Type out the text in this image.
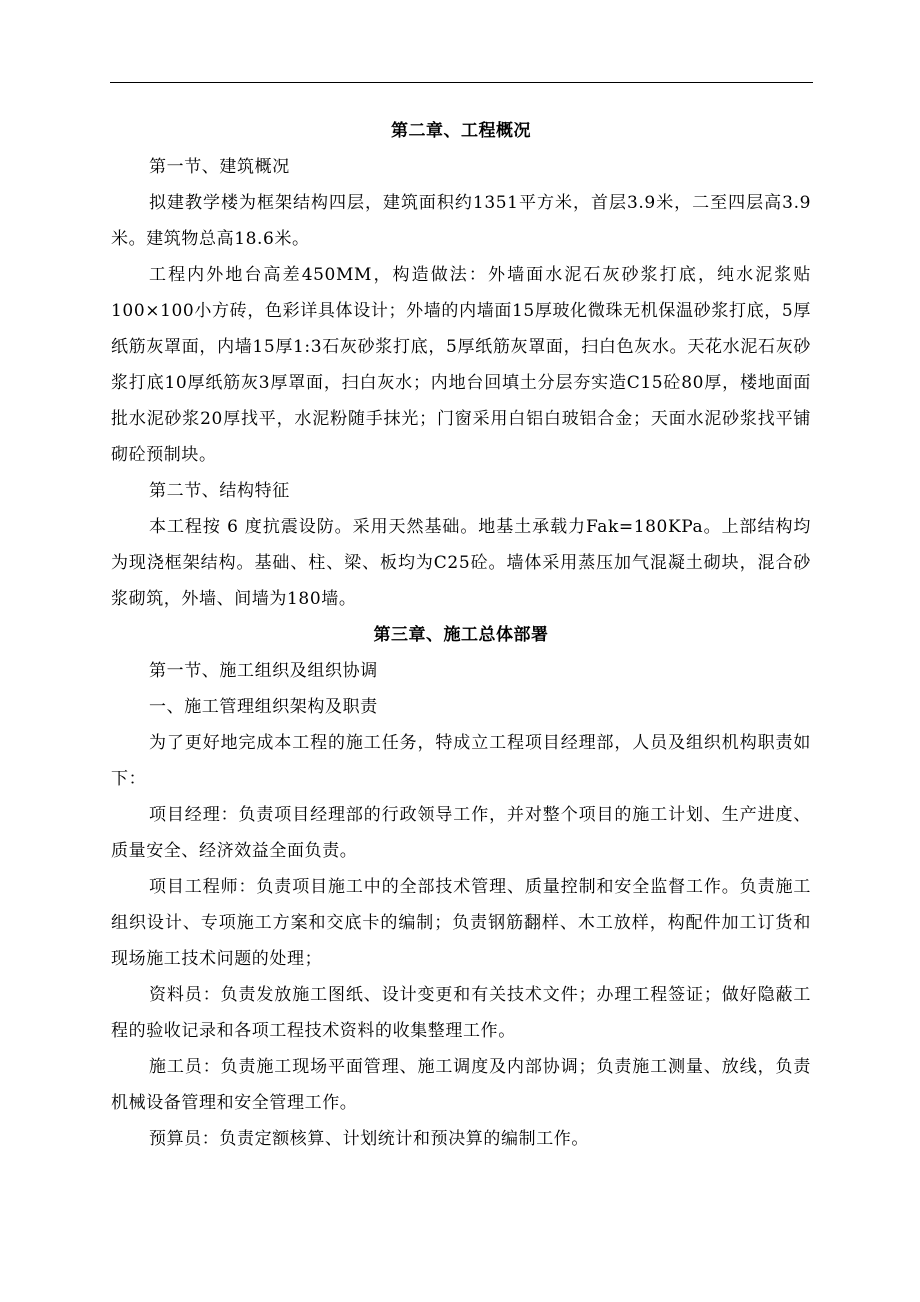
第二章、工程概况

第一节、建筑概况

拟建教学楼为框架结构四层，建筑面积约1351平方米，首层3.9米，二至四层高3.9米。建筑物总高18.6米。

工程内外地台高差450MM，构造做法：外墙面水泥石灰砂浆打底，纯水泥浆贴100×100小方砖，色彩详具体设计；外墙的内墙面15厚玻化微珠无机保温砂浆打底，5厚纸筋灰罩面，内墙15厚1:3石灰砂浆打底，5厚纸筋灰罩面，扫白色灰水。天花水泥石灰砂浆打底10厚纸筋灰3厚罩面，扫白灰水；内地台回填土分层夯实造C15砼80厚，楼地面面批水泥砂浆20厚找平，水泥粉随手抹光；门窗采用白铝白玻铝合金；天面水泥砂浆找平铺砌砼预制块。

第二节、结构特征

本工程按 6 度抗震设防。采用天然基础。地基土承载力Fak=180KPa。上部结构均为现浇框架结构。基础、柱、梁、板均为C25砼。墙体采用蒸压加气混凝土砌块，混合砂浆砌筑，外墙、间墙为180墙。

第三章、施工总体部署

第一节、施工组织及组织协调

一、施工管理组织架构及职责

为了更好地完成本工程的施工任务，特成立工程项目经理部，人员及组织机构职责如下：

项目经理：负责项目经理部的行政领导工作，并对整个项目的施工计划、生产进度、质量安全、经济效益全面负责。

项目工程师：负责项目施工中的全部技术管理、质量控制和安全监督工作。负责施工组织设计、专项施工方案和交底卡的编制；负责钢筋翻样、木工放样，构配件加工订货和现场施工技术问题的处理；

资料员：负责发放施工图纸、设计变更和有关技术文件；办理工程签证；做好隐蔽工程的验收记录和各项工程技术资料的收集整理工作。

施工员：负责施工现场平面管理、施工调度及内部协调；负责施工测量、放线，负责机械设备管理和安全管理工作。

预算员：负责定额核算、计划统计和预决算的编制工作。
